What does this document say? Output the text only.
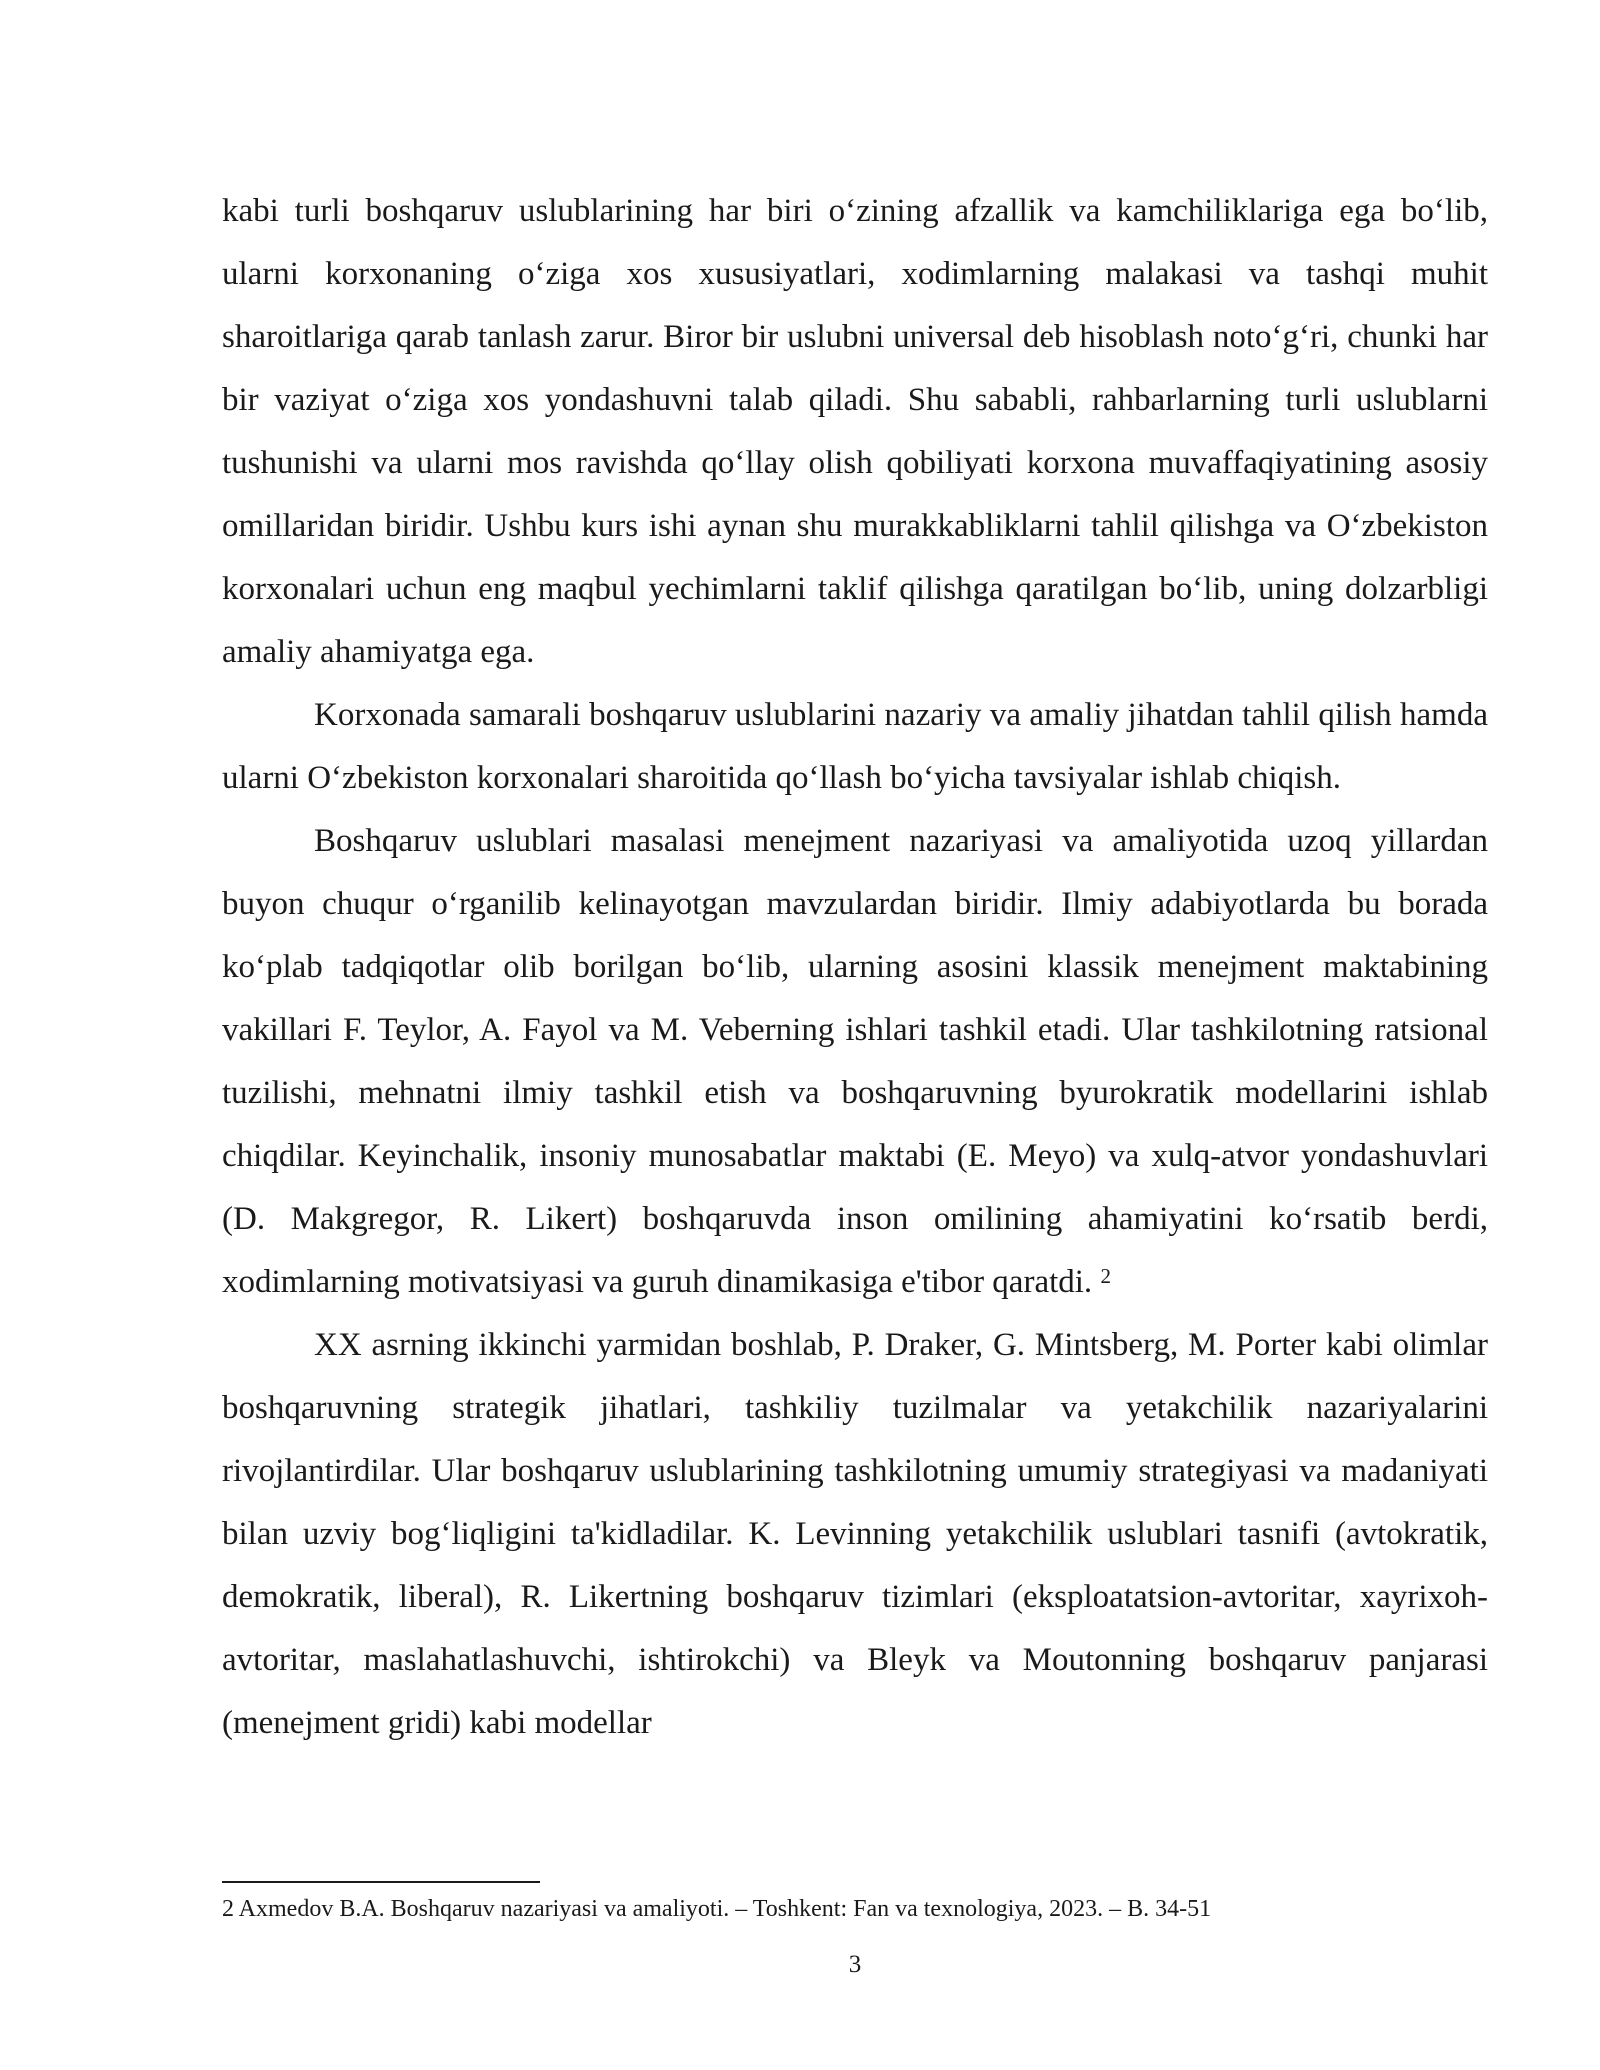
kabi turli boshqaruv uslublarining har biri o‘zining afzallik va kamchiliklariga ega bo‘lib, ularni korxonaning o‘ziga xos xususiyatlari, xodimlarning malakasi va tashqi muhit sharoitlariga qarab tanlash zarur. Biror bir uslubni universal deb hisoblash noto‘g‘ri, chunki har bir vaziyat o‘ziga xos yondashuvni talab qiladi. Shu sababli, rahbarlarning turli uslublarni tushunishi va ularni mos ravishda qo‘llay olish qobiliyati korxona muvaffaqiyatining asosiy omillaridan biridir. Ushbu kurs ishi aynan shu murakkabliklarni tahlil qilishga va O‘zbekiston korxonalari uchun eng maqbul yechimlarni taklif qilishga qaratilgan bo‘lib, uning dolzarbligi amaliy ahamiyatga ega.

Korxonada samarali boshqaruv uslublarini nazariy va amaliy jihatdan tahlil qilish hamda ularni O‘zbekiston korxonalari sharoitida qo‘llash bo‘yicha tavsiyalar ishlab chiqish.

Boshqaruv uslublari masalasi menejment nazariyasi va amaliyotida uzoq yillardan buyon chuqur o‘rganilib kelinayotgan mavzulardan biridir. Ilmiy adabiyotlarda bu borada ko‘plab tadqiqotlar olib borilgan bo‘lib, ularning asosini klassik menejment maktabining vakillari F. Teylor, A. Fayol va M. Veberning ishlari tashkil etadi. Ular tashkilotning ratsional tuzilishi, mehnatni ilmiy tashkil etish va boshqaruvning byurokratik modellarini ishlab chiqdilar. Keyinchalik, insoniy munosabatlar maktabi (E. Meyo) va xulq-atvor yondashuvlari (D. Makgregor, R. Likert) boshqaruvda inson omilining ahamiyatini ko‘rsatib berdi, xodimlarning motivatsiyasi va guruh dinamikasiga e'tibor qaratdi. $^2$

XX asrning ikkinchi yarmidan boshlab, P. Draker, G. Mintsberg, M. Porter kabi olimlar boshqaruvning strategik jihatlari, tashkiliy tuzilmalar va yetakchilik nazariyalarini rivojlantirdilar. Ular boshqaruv uslublarining tashkilotning umumiy strategiyasi va madaniyati bilan uzviy bog‘liqligini ta'kidladilar. K. Levinning yetakchilik uslublari tasnifi (avtokratik, demokratik, liberal), R. Likertning boshqaruv tizimlari (eksploatatsion-avtoritar, xayrixoh-avtoritar, maslahatlashuvchi, ishtirokchi) va Bleyk va Moutonning boshqaruv panjarasi (menejment gridi) kabi modellar

2 Axmedov B.A. Boshqaruv nazariyasi va amaliyoti. – Toshkent: Fan va texnologiya, 2023. – B. 34-51

3
